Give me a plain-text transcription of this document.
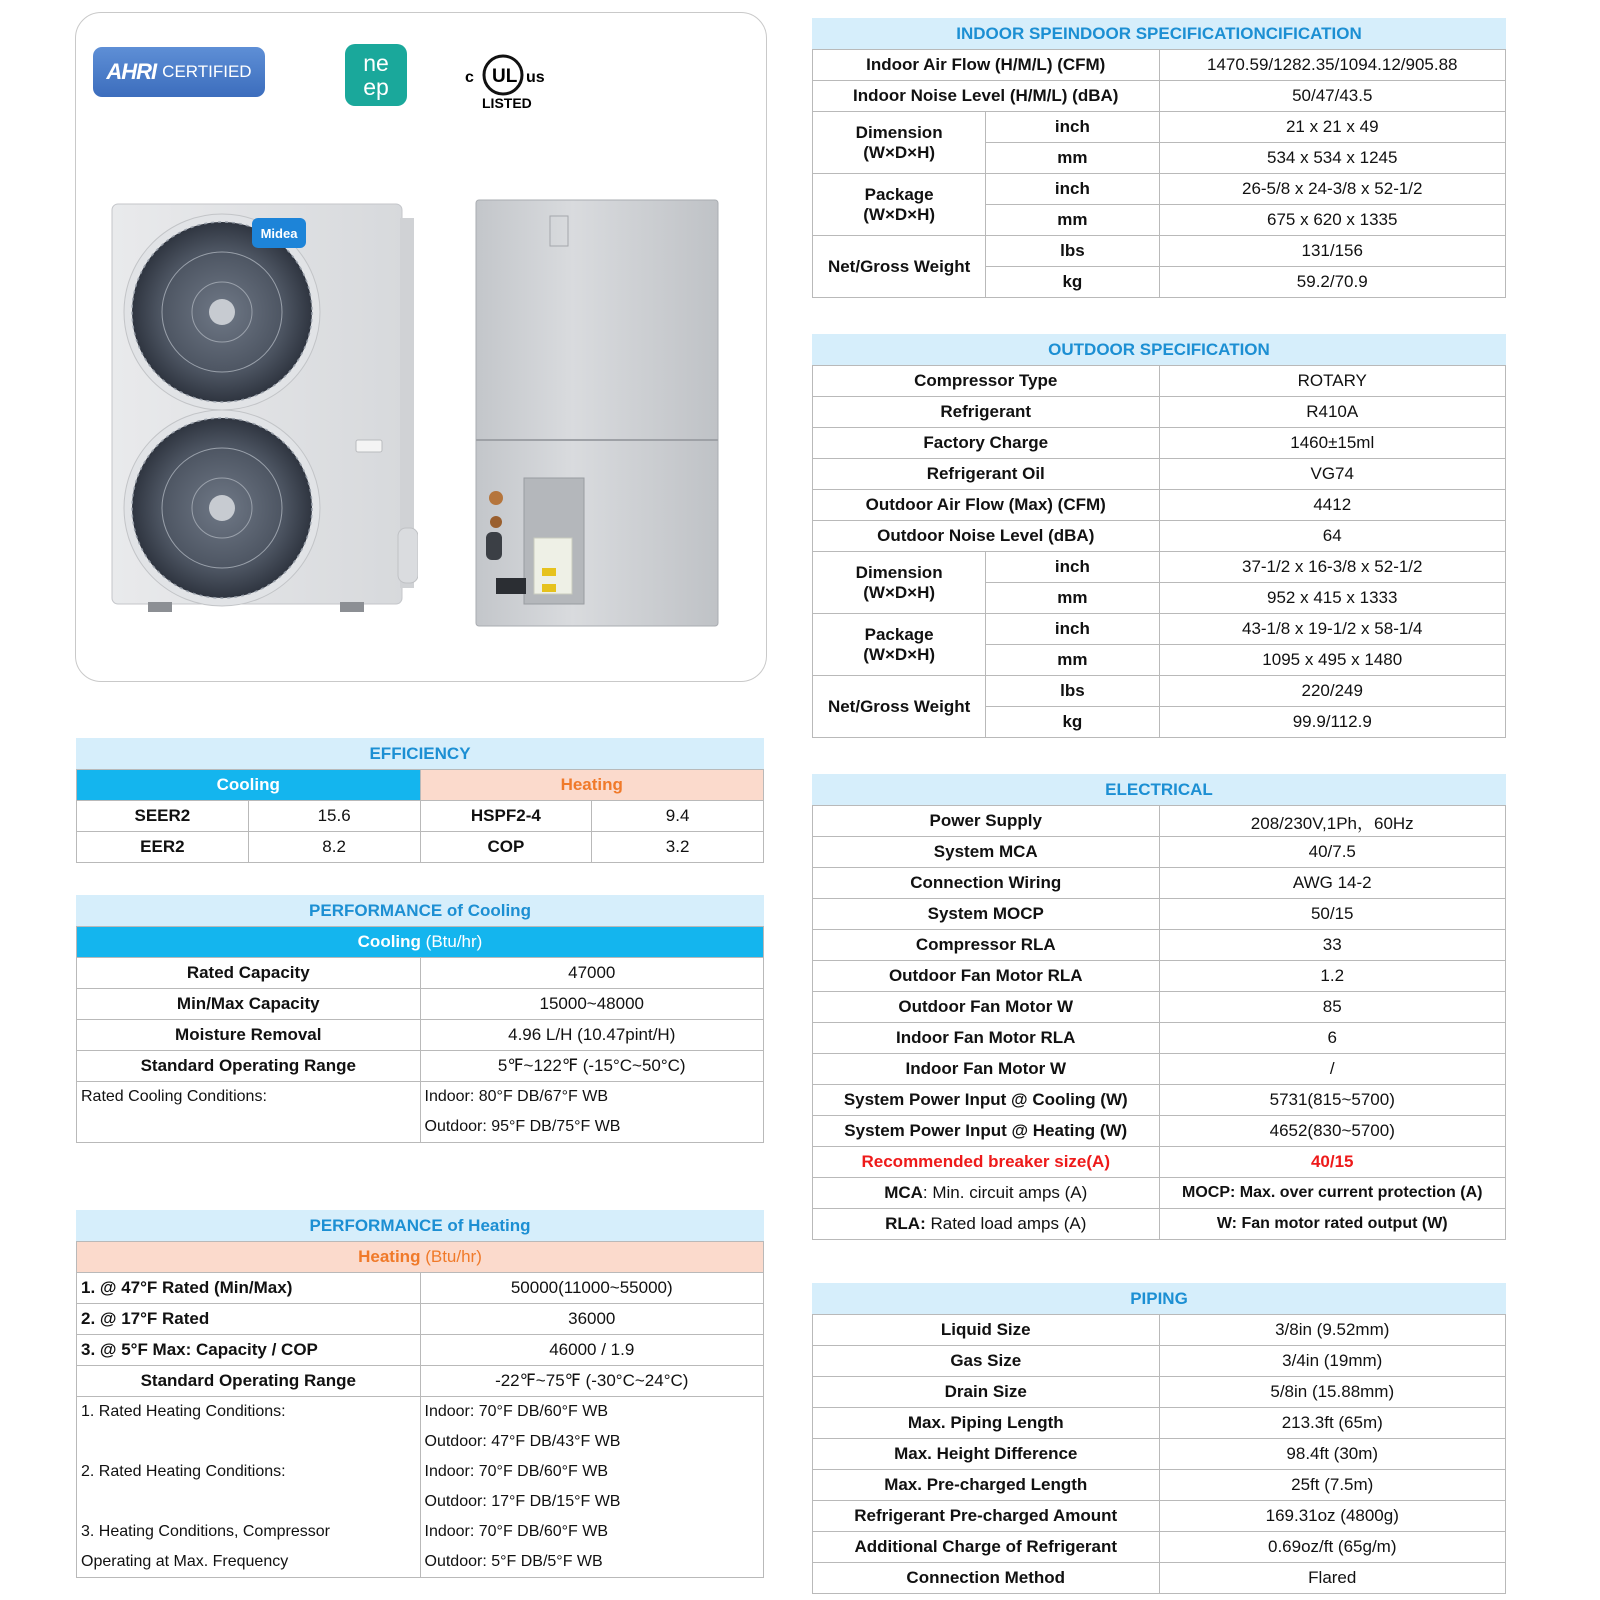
AHRI CERTIFIED	ne
ep	c UL us
LISTED
Midea
EFFICIENCY			
Cooling		Heating	
SEER2	15.6	HSPF2-4	9.4
EER2	8.2	COP	3.2
PERFORMANCE of Cooling	
Cooling (Btu/hr)	
Rated Capacity	47000
Min/Max Capacity	15000~48000
Moisture Removal	4.96 L/H (10.47pint/H)
Standard Operating Range	5℉~122℉ (-15°C~50°C)
Rated Cooling Conditions:	Indoor: 80°F DB/67°F WB
	Outdoor: 95°F DB/75°F WB
PERFORMANCE of Heating	
Heating (Btu/hr)	
1. @ 47°F Rated (Min/Max)	50000(11000~55000)
2. @ 17°F Rated	36000
3. @ 5°F Max: Capacity / COP	46000 / 1.9
Standard Operating Range	-22℉~75℉ (-30°C~24°C)
1. Rated Heating Conditions:	Indoor: 70°F DB/60°F WB
	Outdoor: 47°F DB/43°F WB
2. Rated Heating Conditions:	Indoor: 70°F DB/60°F WB
	Outdoor: 17°F DB/15°F WB
3. Heating Conditions, Compressor	Indoor: 70°F DB/60°F WB
Operating at Max. Frequency	Outdoor: 5°F DB/5°F WB
INDOOR SPEINDOOR SPECIFICATIONCIFICATION		
Indoor Air Flow (H/M/L) (CFM)		1470.59/1282.35/1094.12/905.88
Indoor Noise Level (H/M/L) (dBA)		50/47/43.5
Dimension
(W×D×H)	inch	21 x 21 x 49
	mm	534 x 534 x 1245
Package
(W×D×H)	inch	26-5/8 x 24-3/8 x 52-1/2
	mm	675 x 620 x 1335
Net/Gross Weight	lbs	131/156
	kg	59.2/70.9
OUTDOOR SPECIFICATION		
Compressor Type		ROTARY
Refrigerant		R410A
Factory Charge		1460±15ml
Refrigerant Oil		VG74
Outdoor Air Flow (Max) (CFM)		4412
Outdoor Noise Level (dBA)		64
Dimension
(W×D×H)	inch	37-1/2 x 16-3/8 x 52-1/2
	mm	952 x 415 x 1333
Package
(W×D×H)	inch	43-1/8 x 19-1/2 x 58-1/4
	mm	1095 x 495 x 1480
Net/Gross Weight	lbs	220/249
	kg	99.9/112.9
ELECTRICAL	
Power Supply	208/230V,1Ph，60Hz
System MCA	40/7.5
Connection Wiring	AWG 14-2
System MOCP	50/15
Compressor RLA	33
Outdoor Fan Motor RLA	1.2
Outdoor Fan Motor W	85
Indoor Fan Motor RLA	6
Indoor Fan Motor W	/
System Power Input @ Cooling (W)	5731(815~5700)
System Power Input @ Heating (W)	4652(830~5700)
Recommended breaker size(A)	40/15
MCA: Min. circuit amps (A)	MOCP: Max. over current protection (A)
RLA: Rated load amps (A)	W: Fan motor rated output (W)
PIPING	
Liquid Size	3/8in (9.52mm)
Gas Size	3/4in (19mm)
Drain Size	5/8in (15.88mm)
Max. Piping Length	213.3ft (65m)
Max. Height Difference	98.4ft (30m)
Max. Pre-charged Length	25ft (7.5m)
Refrigerant Pre-charged Amount	169.31oz (4800g)
Additional Charge of Refrigerant	0.69oz/ft (65g/m)
Connection Method	Flared
